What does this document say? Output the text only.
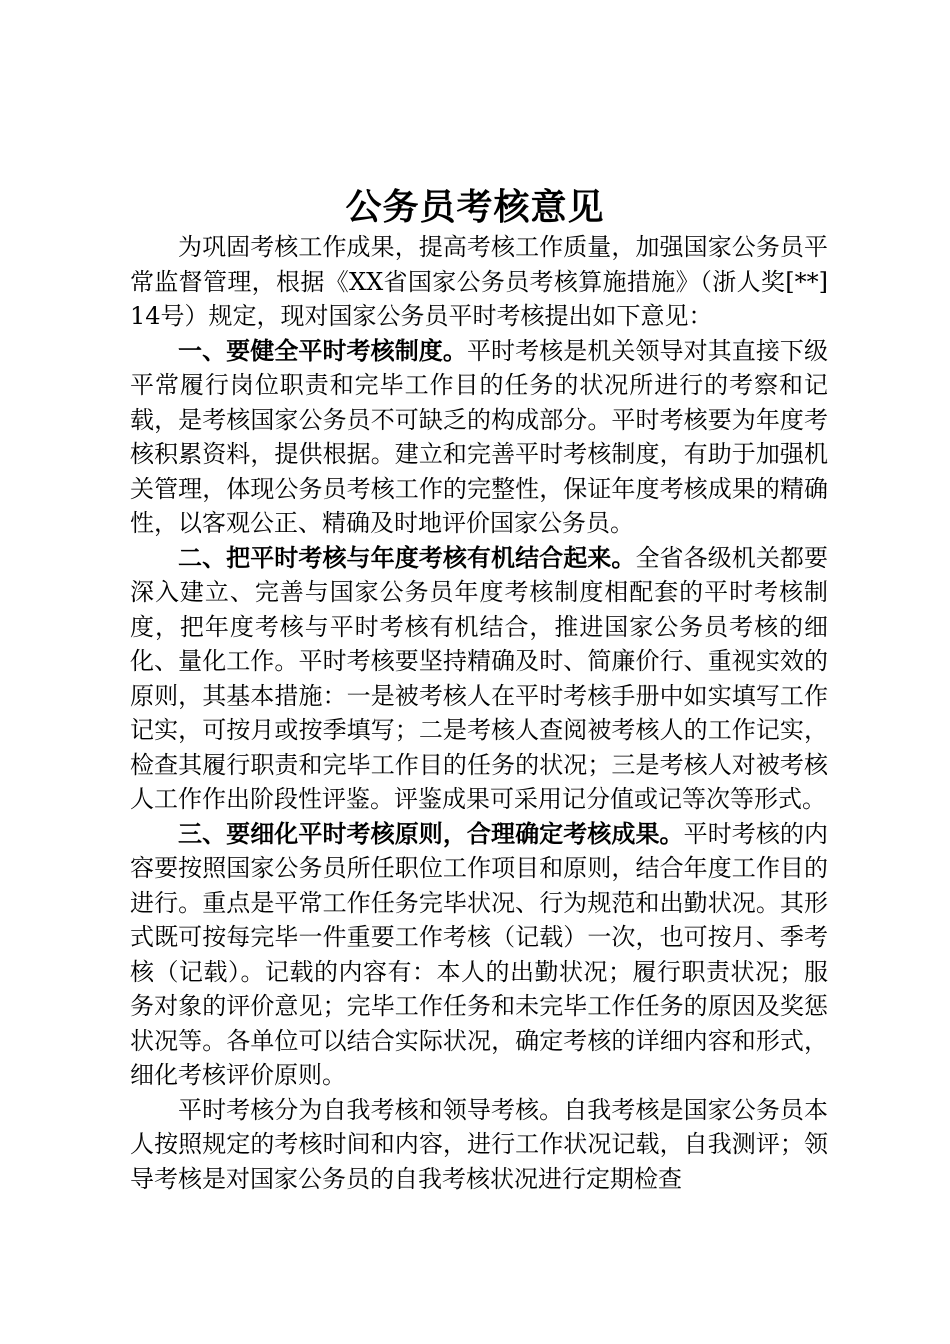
公务员考核意见

为巩固考核工作成果，提高考核工作质量，加强国家公务员平常监督管理，根据《XX省国家公务员考核算施措施》（浙人奖[**]14号）规定，现对国家公务员平时考核提出如下意见：

一、要健全平时考核制度。平时考核是机关领导对其直接下级平常履行岗位职责和完毕工作目的任务的状况所进行的考察和记载，是考核国家公务员不可缺乏的构成部分。平时考核要为年度考核积累资料，提供根据。建立和完善平时考核制度，有助于加强机关管理，体现公务员考核工作的完整性，保证年度考核成果的精确性，以客观公正、精确及时地评价国家公务员。

二、把平时考核与年度考核有机结合起来。全省各级机关都要深入建立、完善与国家公务员年度考核制度相配套的平时考核制度，把年度考核与平时考核有机结合，推进国家公务员考核的细化、量化工作。平时考核要坚持精确及时、简廉价行、重视实效的原则，其基本措施：一是被考核人在平时考核手册中如实填写工作记实，可按月或按季填写；二是考核人查阅被考核人的工作记实，检查其履行职责和完毕工作目的任务的状况；三是考核人对被考核人工作作出阶段性评鉴。评鉴成果可采用记分值或记等次等形式。

三、要细化平时考核原则，合理确定考核成果。平时考核的内容要按照国家公务员所任职位工作项目和原则，结合年度工作目的进行。重点是平常工作任务完毕状况、行为规范和出勤状况。其形式既可按每完毕一件重要工作考核（记载）一次，也可按月、季考核（记载）。记载的内容有：本人的出勤状况；履行职责状况；服务对象的评价意见；完毕工作任务和未完毕工作任务的原因及奖惩状况等。各单位可以结合实际状况，确定考核的详细内容和形式，细化考核评价原则。

平时考核分为自我考核和领导考核。自我考核是国家公务员本人按照规定的考核时间和内容，进行工作状况记载，自我测评；领导考核是对国家公务员的自我考核状况进行定期检查
